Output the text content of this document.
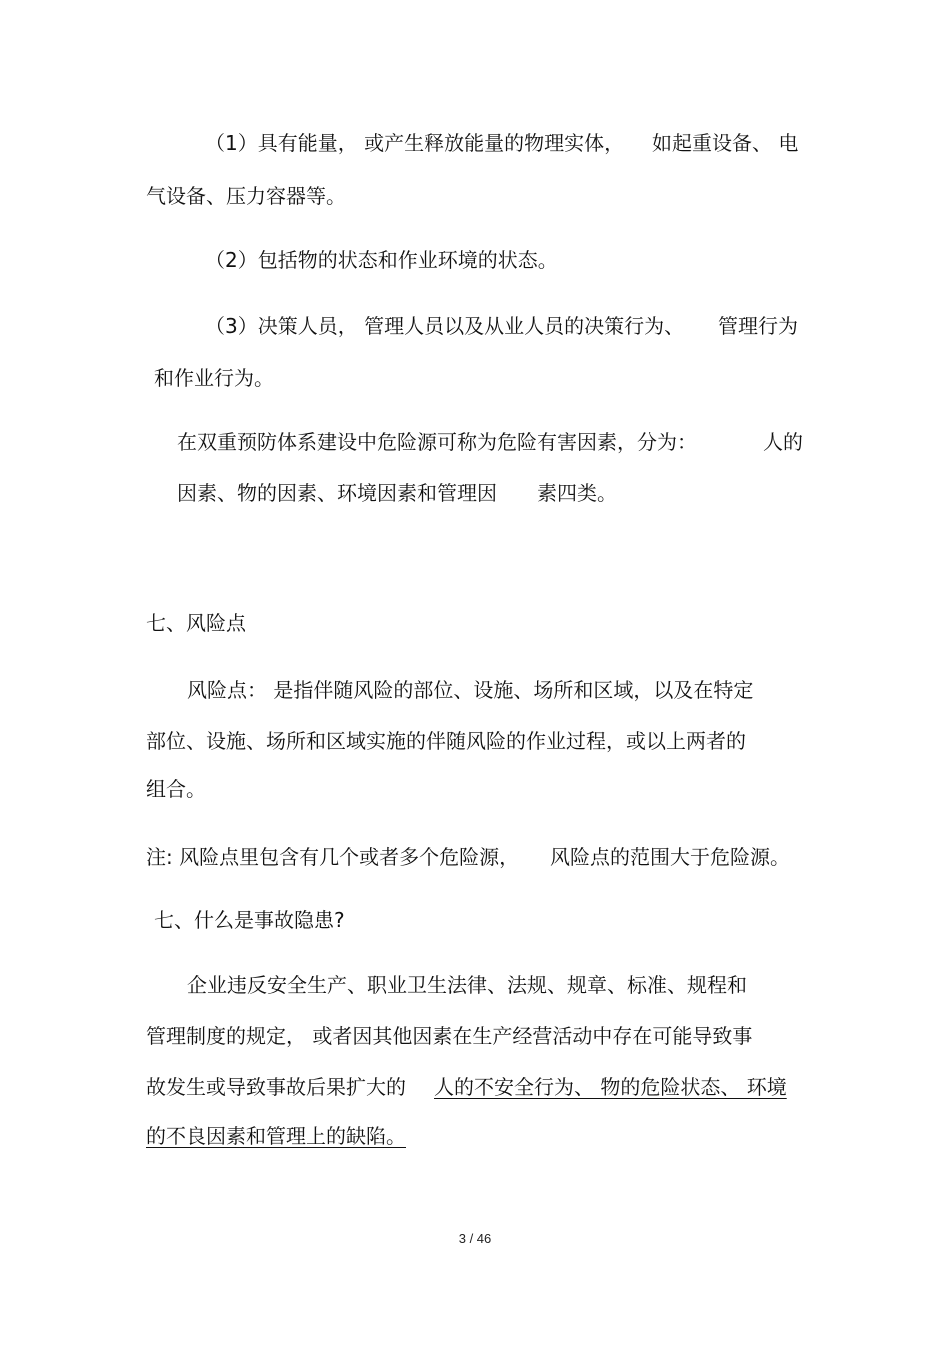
（1）具有能量， 或产生释放能量的物理实体， 如起重设备、 电

气设备、压力容器等。

（2）包括物的状态和作业环境的状态。

（3）决策人员， 管理人员以及从业人员的决策行为、 管理行为

和作业行为。

在双重预防体系建设中危险源可称为危险有害因素，分为：	人的

因素、物的因素、环境因素和管理因 素四类。

七、风险点

风险点： 是指伴随风险的部位、设施、场所和区域，以及在特定

部位、设施、场所和区域实施的伴随风险的作业过程，或以上两者的

组合。

注: 风险点里包含有几个或者多个危险源， 风险点的范围大于危险源。

七、什么是事故隐患?

企业违反安全生产、职业卫生法律、法规、规章、标准、规程和

管理制度的规定， 或者因其他因素在生产经营活动中存在可能导致事

故发生或导致事故后果扩大的 人的不安全行为、 物的危险状态、 环境

的不良因素和管理上的缺陷。

3 / 46
